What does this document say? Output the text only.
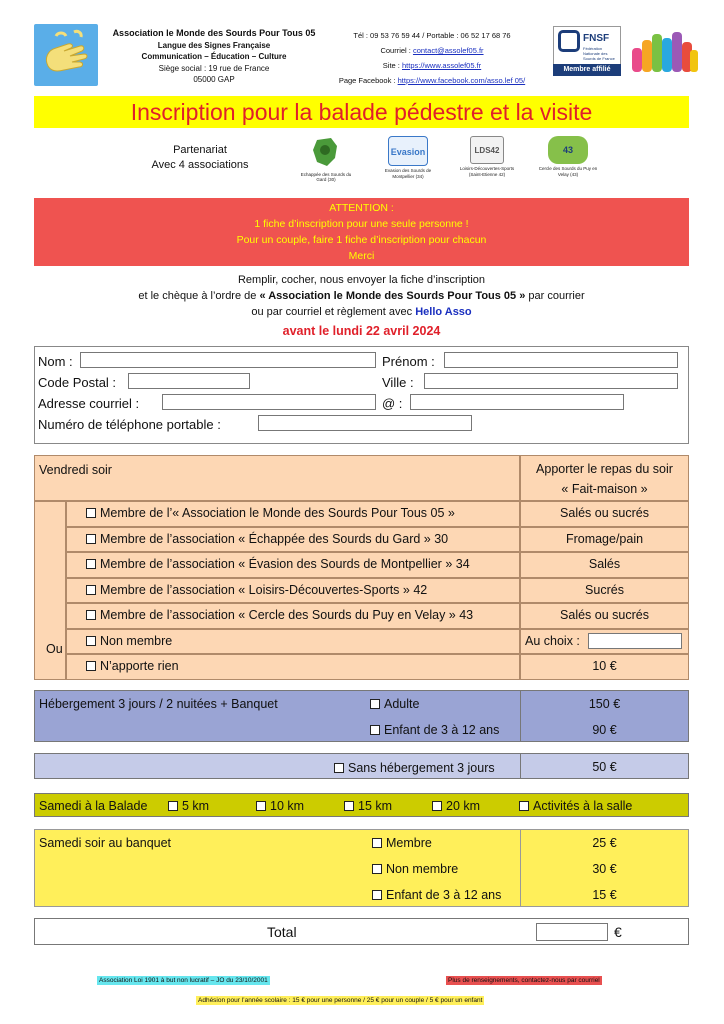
Association le Monde des Sourds Pour Tous 05
Langue des Signes Française
Communication – Éducation – Culture
Siège social : 19 rue de France
05000 GAP
Tél : 09 53 76 59 44 / Portable : 06 52 17 68 76
Courriel : contact@assolef05.fr
Site : https://www.assolef05.fr
Page Facebook : https://www.facebook.com/asso.lef 05/
FNSF
Fédération Nationale des Sourds de France
Membre affilié
Inscription pour la balade pédestre et la visite
Partenariat
Avec 4 associations
Echappée des Sourds du Gard (30)
Evasion
Evasion des Sourds de Montpellier (34)
LDS42
Loisirs-Découvertes-Sports (Saint-Etienne 42)
43
Cercle des Sourds du Puy en Velay (43)
ATTENTION :
1 fiche d’inscription pour une seule personne !
Pour un couple, faire 1 fiche d’inscription pour chacun
Merci
Remplir, cocher, nous envoyer la fiche d’inscription
et le chèque à l’ordre de « Association le Monde des Sourds Pour Tous 05 » par courrier
ou par courriel et règlement avec Hello Asso
avant le lundi 22 avril 2024
Nom :	Prénom :
Code Postal :	Ville :
Adresse courriel :	@ :
Numéro de téléphone portable :
Vendredi soir	Apporter le repas du soir
« Fait-maison »
Ou
Membre de l’« Association le Monde des Sourds Pour Tous 05 »	Salés ou sucrés
Membre de l’association « Échappée des Sourds du Gard » 30	Fromage/pain
Membre de l’association « Évasion des Sourds de Montpellier » 34	Salés
Membre de l’association « Loisirs-Découvertes-Sports » 42	Sucrés
Membre de l’association « Cercle des Sourds du Puy en Velay » 43	Salés ou sucrés
Non membre	Au choix :
N’apporte rien	10 €
Hébergement 3 jours / 2 nuitées + Banquet	Adulte	150 €
Enfant de 3 à 12 ans	90 €
Sans hébergement 3 jours	50 €
Samedi à la Balade	5 km	10 km	15 km	20 km	Activités à la salle
Samedi soir au banquet	Membre	25 €
Non membre	30 €
Enfant de 3 à 12 ans	15 €
Total	€
Association Loi 1901 à but non lucratif – JO du 23/10/2001	Plus de renseignements, contactez-nous par courriel
Adhésion pour l’année scolaire : 15 € pour une personne / 25 € pour un couple / 5 € pour un enfant
